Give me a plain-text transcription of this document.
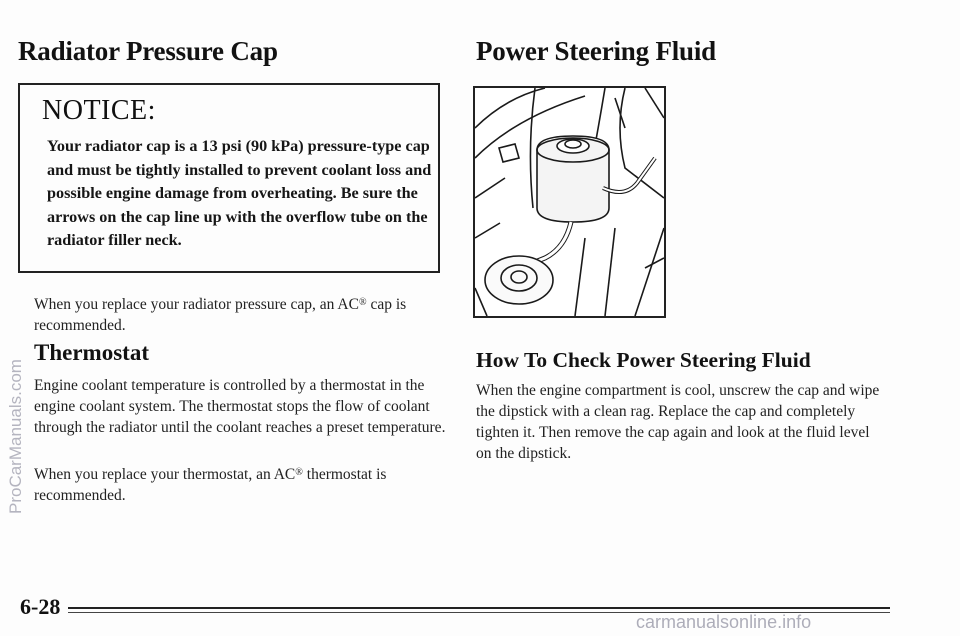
Radiator Pressure Cap
NOTICE:
Your radiator cap is a 13 psi (90 kPa) pressure-type cap and must be tightly installed to prevent coolant loss and possible engine damage from overheating. Be sure the arrows on the cap line up with the overflow tube on the radiator filler neck.

When you replace your radiator pressure cap, an AC® cap is recommended.

Thermostat

Engine coolant temperature is controlled by a thermostat in the engine coolant system. The thermostat stops the flow of coolant through the radiator until the coolant reaches a preset temperature.

When you replace your thermostat, an AC® thermostat is recommended.

Power Steering Fluid
How To Check Power Steering Fluid

When the engine compartment is cool, unscrew the cap and wipe the dipstick with a clean rag. Replace the cap and completely tighten it. Then remove the cap again and look at the fluid level on the dipstick.

6-28
ProCarManuals.com
carmanualsonline.info
